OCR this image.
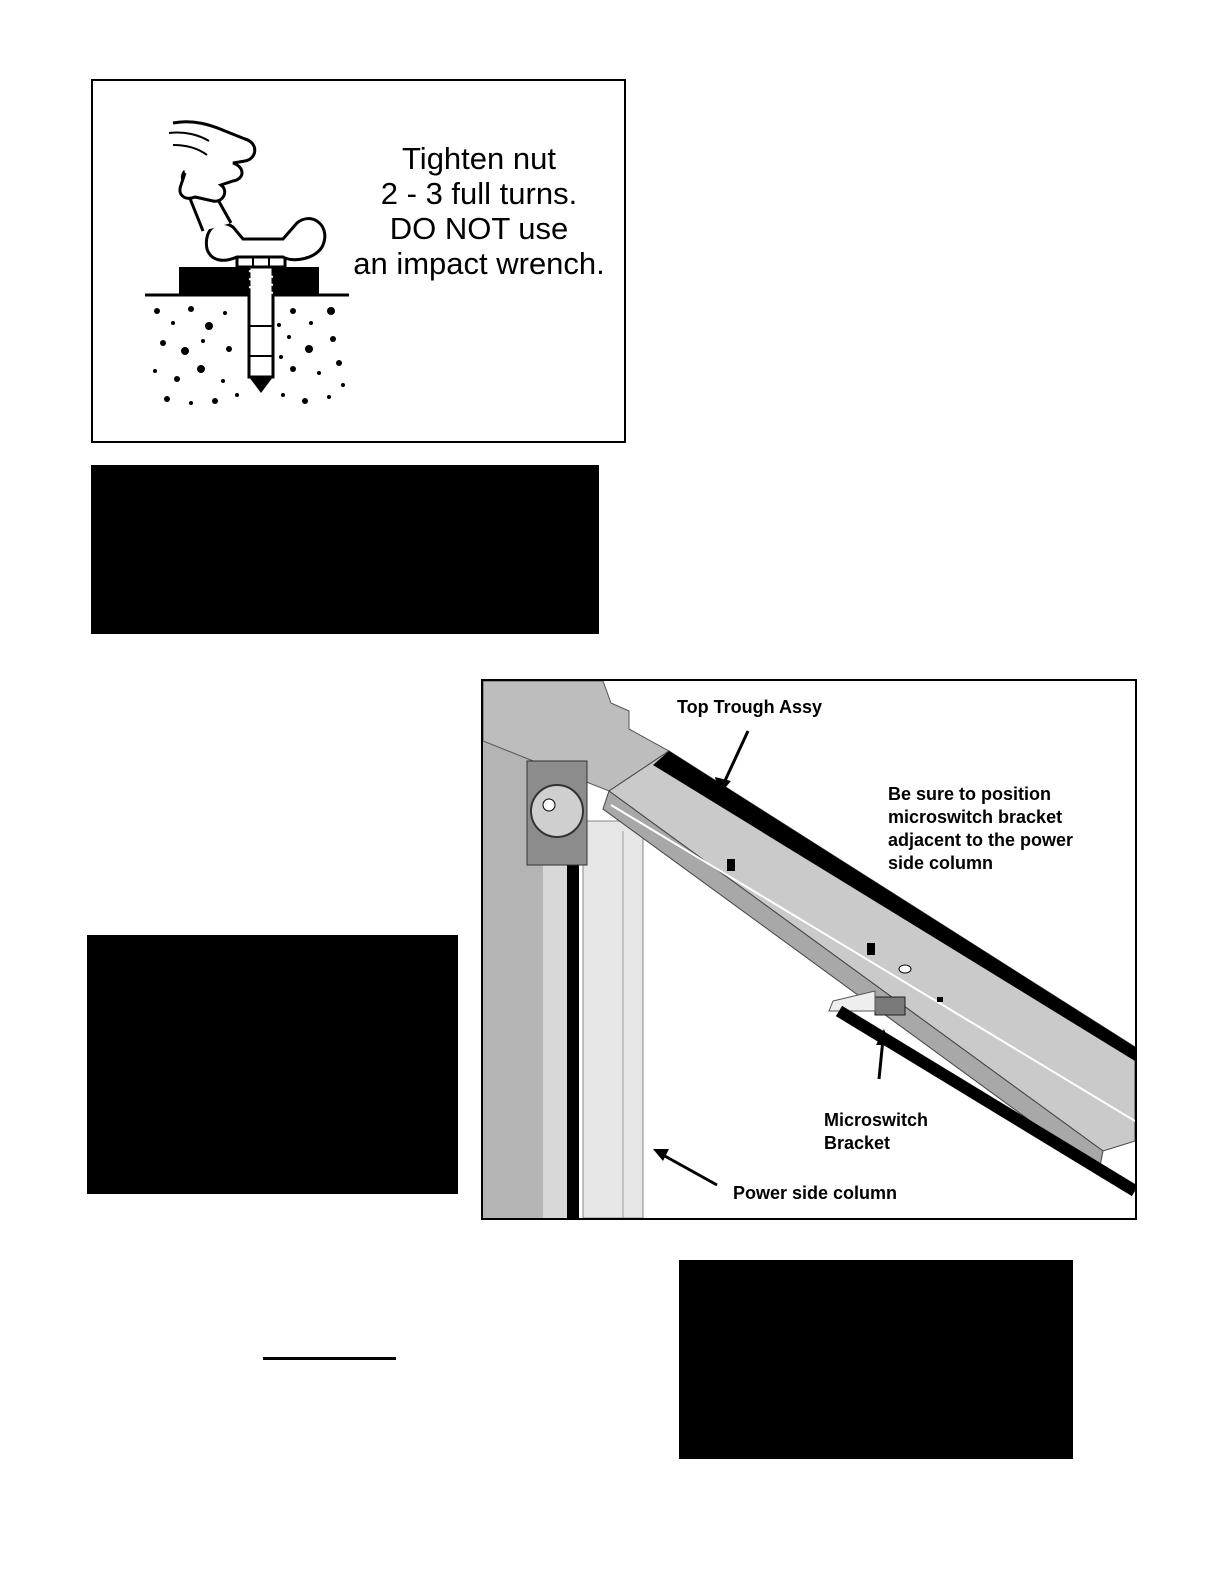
Tighten nut
2 - 3 full turns.
DO NOT use
an impact wrench.
Top Trough Assy
Be sure to position
microswitch bracket
adjacent to the power
side column
Microswitch
Bracket
Power side column
